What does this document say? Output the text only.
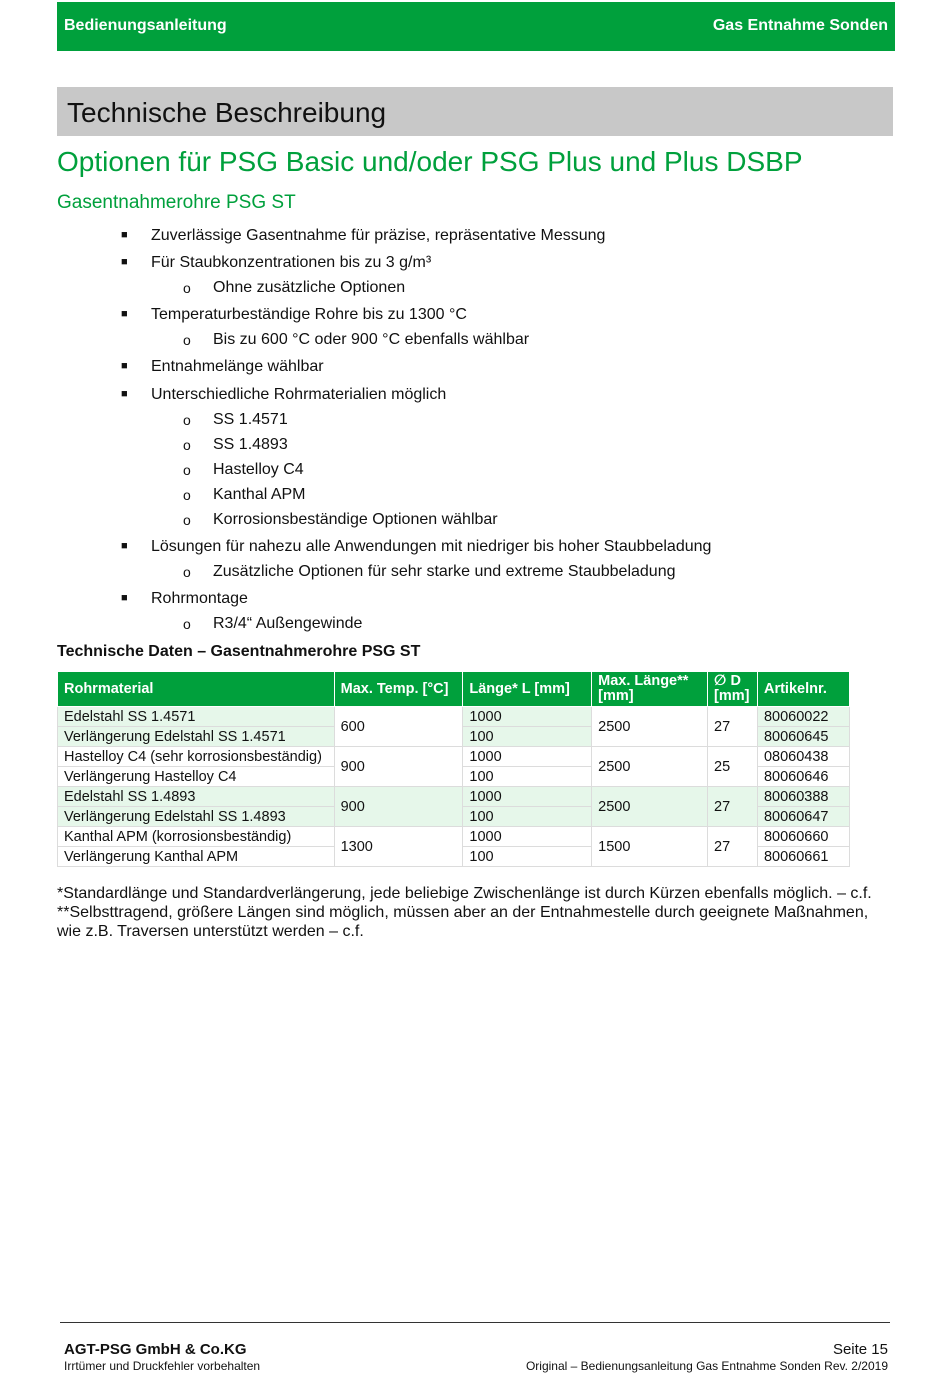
Bedienungsanleitung	Gas Entnahme Sonden
Technische Beschreibung
Optionen für PSG Basic und/oder PSG Plus und Plus DSBP
Gasentnahmerohre PSG ST
■ Zuverlässige Gasentnahme für präzise, repräsentative Messung
■ Für Staubkonzentrationen bis zu 3 g/m³
o Ohne zusätzliche Optionen
■ Temperaturbeständige Rohre bis zu 1300 °C
o Bis zu 600 °C oder 900 °C ebenfalls wählbar
■ Entnahmelänge wählbar
■ Unterschiedliche Rohrmaterialien möglich
o SS 1.4571
o SS 1.4893
o Hastelloy C4
o Kanthal APM
o Korrosionsbeständige Optionen wählbar
■ Lösungen für nahezu alle Anwendungen mit niedriger bis hoher Staubbeladung
o Zusätzliche Optionen für sehr starke und extreme Staubbeladung
■ Rohrmontage
o R3/4“ Außengewinde
Technische Daten – Gasentnahmerohre PSG ST
Rohrmaterial	Max. Temp. [°C]	Länge* L [mm]	Max. Länge** [mm]	∅ D [mm]	Artikelnr.
Edelstahl SS 1.4571	600	1000	2500	27	80060022
Verlängerung Edelstahl SS 1.4571		100			80060645
Hastelloy C4 (sehr korrosionsbeständig)	900	1000	2500	25	08060438
Verlängerung Hastelloy C4		100			80060646
Edelstahl SS 1.4893	900	1000	2500	27	80060388
Verlängerung Edelstahl SS 1.4893		100			80060647
Kanthal APM (korrosionsbeständig)	1300	1000	1500	27	80060660
Verlängerung Kanthal APM		100			80060661
*Standardlänge und Standardverlängerung, jede beliebige Zwischenlänge ist durch Kürzen ebenfalls möglich. – c.f.
**Selbsttragend, größere Längen sind möglich, müssen aber an der Entnahmestelle durch geeignete Maßnahmen, wie z.B. Traversen unterstützt werden – c.f.
AGT-PSG GmbH & Co.KG
Irrtümer und Druckfehler vorbehalten
Seite 15
Original – Bedienungsanleitung Gas Entnahme Sonden Rev. 2/2019
